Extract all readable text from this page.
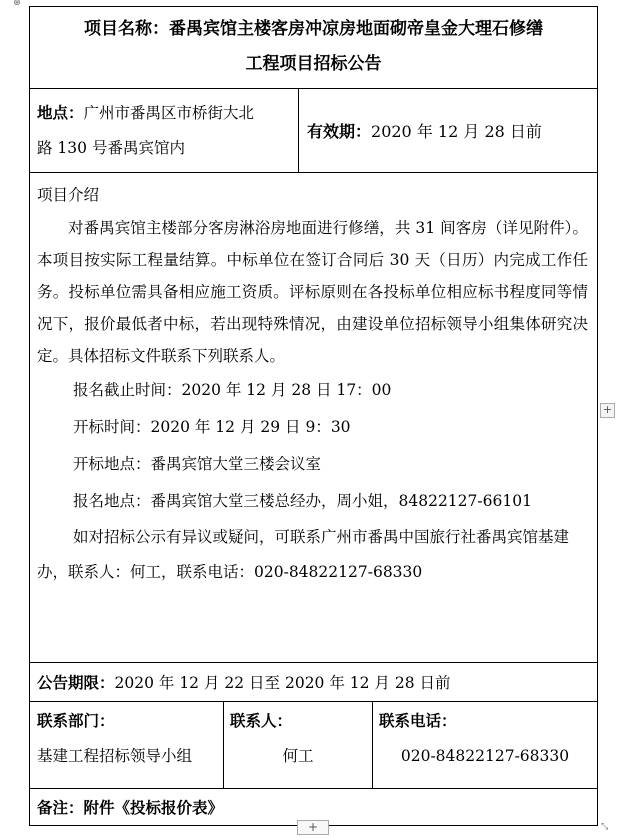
⊕
项目名称：番禺宾馆主楼客房冲凉房地面砌帝皇金大理石修缮
工程项目招标公告
地点：广州市番禺区市桥街大北
路 130 号番禺宾馆内
有效期： 2020 年 12 月 28 日前
项目介绍
对番禺宾馆主楼部分客房淋浴房地面进行修缮，共 31 间客房（详见附件）。本项目按实际工程量结算。中标单位在签订合同后 30 天（日历）内完成工作任务。投标单位需具备相应施工资质。评标原则在各投标单位相应标书程度同等情况下，报价最低者中标，若出现特殊情况，由建设单位招标领导小组集体研究决定。具体招标文件联系下列联系人。
报名截止时间：2020 年 12 月 28 日 17：00
开标时间：2020 年 12 月 29 日 9：30
开标地点：番禺宾馆大堂三楼会议室
报名地点：番禺宾馆大堂三楼总经办，周小姐，84822127-66101
如对招标公示有异议或疑问，可联系广州市番禺中国旅行社番禺宾馆基建办，联系人：何工，联系电话：020-84822127-68330
公告期限： 2020 年 12 月 22 日至 2020 年 12 月 28 日前
联系部门：
基建工程招标领导小组
联系人：
何工
联系电话：
020-84822127-68330
备注： 附件《投标报价表》
+
+	⤡
